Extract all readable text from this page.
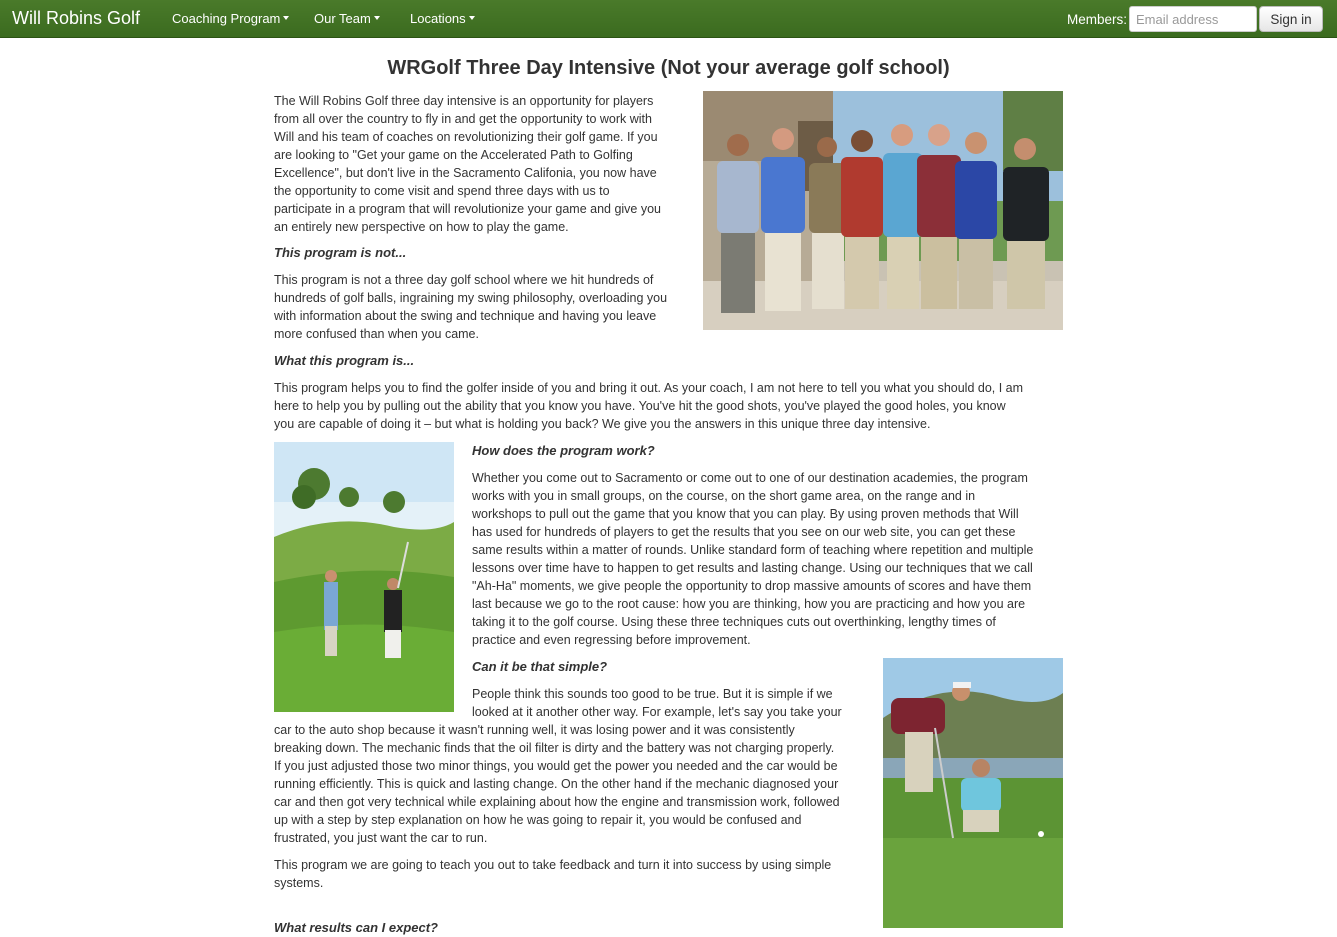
Will Robins Golf Coaching Program	Our Team	Locations	Members:
Email address	Sign in
WRGolf Three Day Intensive (Not your average golf school)
The Will Robins Golf three day intensive is an opportunity for players
from all over the country to fly in and get the opportunity to work with
Will and his team of coaches on revolutionizing their golf game. If you
are looking to "Get your game on the Accelerated Path to Golfing
Excellence", but don't live in the Sacramento Califonia, you now have
the opportunity to come visit and spend three days with us to
participate in a program that will revolutionize your game and give you
an entirely new perspective on how to play the game.
This program is not...
This program is not a three day golf school where we hit hundreds of
hundreds of golf balls, ingraining my swing philosophy, overloading you
with information about the swing and technique and having you leave
more confused than when you came.
What this program is...
This program helps you to find the golfer inside of you and bring it out. As your coach, I am not here to tell you what you should do, I am
here to help you by pulling out the ability that you know you have. You've hit the good shots, you've played the good holes, you know
you are capable of doing it – but what is holding you back? We give you the answers in this unique three day intensive.
How does the program work?
Whether you come out to Sacramento or come out to one of our destination academies, the program
works with you in small groups, on the course, on the short game area, on the range and in
workshops to pull out the game that you know that you can play. By using proven methods that Will
has used for hundreds of players to get the results that you see on our web site, you can get these
same results within a matter of rounds. Unlike standard form of teaching where repetition and multiple
lessons over time have to happen to get results and lasting change. Using our techniques that we call
"Ah-Ha" moments, we give people the opportunity to drop massive amounts of scores and have them
last because we go to the root cause: how you are thinking, how you are practicing and how you are
taking it to the golf course. Using these three techniques cuts out overthinking, lengthy times of
practice and even regressing before improvement.
Can it be that simple?
People think this sounds too good to be true. But it is simple if we
looked at it another other way. For example, let's say you take your
car to the auto shop because it wasn't running well, it was losing power and it was consistently
breaking down. The mechanic finds that the oil filter is dirty and the battery was not charging properly.
If you just adjusted those two minor things, you would get the power you needed and the car would be
running efficiently. This is quick and lasting change. On the other hand if the mechanic diagnosed your
car and then got very technical while explaining about how the engine and transmission work, followed
up with a step by step explanation on how he was going to repair it, you would be confused and
frustrated, you just want the car to run.
This program we are going to teach you out to take feedback and turn it into success by using simple
systems.
What results can I expect?
